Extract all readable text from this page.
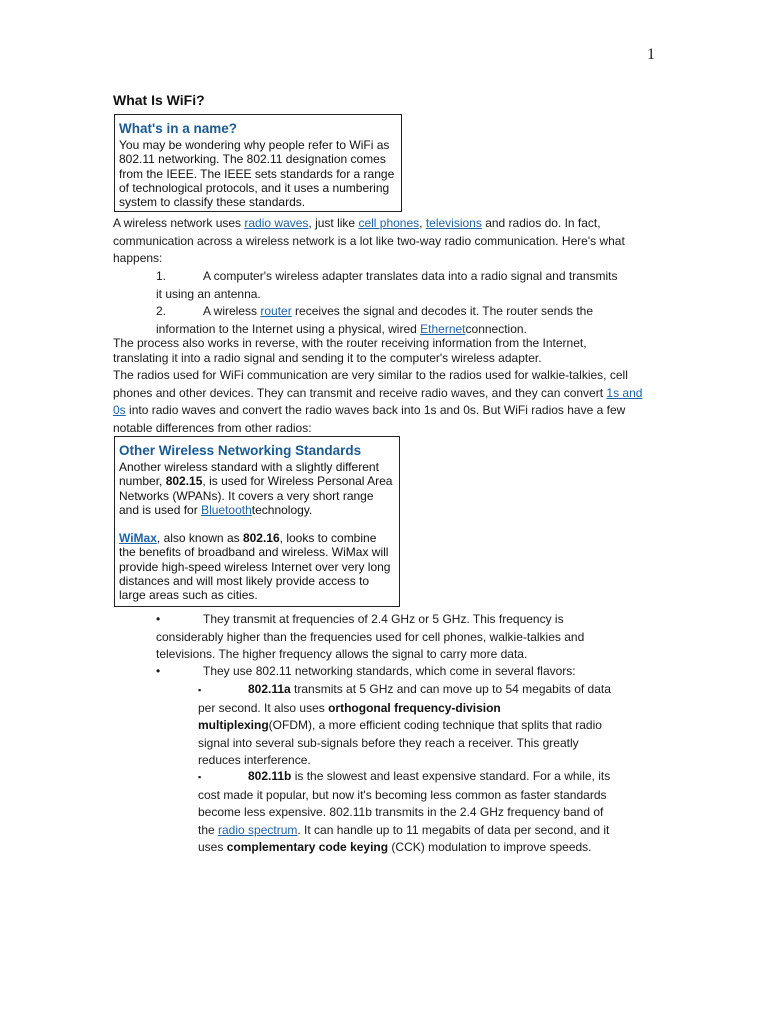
1
What Is WiFi?

What's in a name?

You may be wondering why people refer to WiFi as 802.11 networking. The 802.11 designation comes from the IEEE. The IEEE sets standards for a range of technological protocols, and it uses a numbering system to classify these standards.

A wireless network uses radio waves, just like cell phones, televisions and radios do. In fact, communication across a wireless network is a lot like two-way radio communication. Here's what happens:

1.	A computer's wireless adapter translates data into a radio signal and transmits it using an antenna.

2.	A wireless router receives the signal and decodes it. The router sends the information to the Internet using a physical, wired Ethernetconnection.

The process also works in reverse, with the router receiving information from the Internet, translating it into a radio signal and sending it to the computer's wireless adapter.

The radios used for WiFi communication are very similar to the radios used for walkie-talkies, cell phones and other devices. They can transmit and receive radio waves, and they can convert 1s and 0s into radio waves and convert the radio waves back into 1s and 0s. But WiFi radios have a few notable differences from other radios:

Other Wireless Networking Standards

Another wireless standard with a slightly different number, 802.15, is used for Wireless Personal Area Networks (WPANs). It covers a very short range and is used for Bluetoothtechnology.

WiMax, also known as 802.16, looks to combine the benefits of broadband and wireless. WiMax will provide high-speed wireless Internet over very long distances and will most likely provide access to large areas such as cities.

•	They transmit at frequencies of 2.4 GHz or 5 GHz. This frequency is considerably higher than the frequencies used for cell phones, walkie-talkies and televisions. The higher frequency allows the signal to carry more data.

•	They use 802.11 networking standards, which come in several flavors:

▪	802.11a transmits at 5 GHz and can move up to 54 megabits of data per second. It also uses orthogonal frequency-division multiplexing(OFDM), a more efficient coding technique that splits that radio signal into several sub-signals before they reach a receiver. This greatly reduces interference.

▪	802.11b is the slowest and least expensive standard. For a while, its cost made it popular, but now it's becoming less common as faster standards become less expensive. 802.11b transmits in the 2.4 GHz frequency band of the radio spectrum. It can handle up to 11 megabits of data per second, and it uses complementary code keying (CCK) modulation to improve speeds.
